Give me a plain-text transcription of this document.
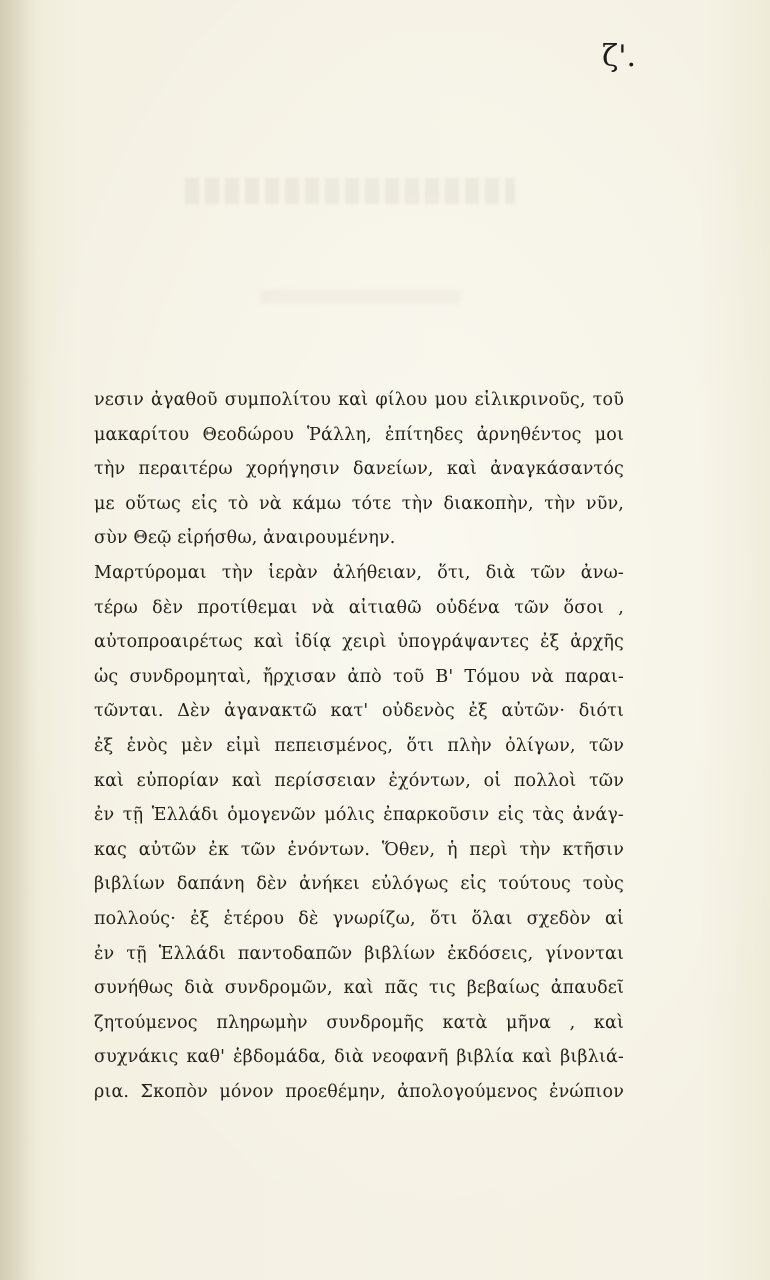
ζ'.
νεσιν ἀγαθοῦ συμπολίτου καὶ φίλου μου εἰλικρινοῦς, τοῦ
μακαρίτου Θεοδώρου Ῥάλλη, ἐπίτηδες ἀρνηθέντος μοι
τὴν περαιτέρω χορήγησιν δανείων, καὶ ἀναγκάσαντός
με οὕτως εἰς τὸ νὰ κάμω τότε τὴν διακοπὴν, τὴν νῦν,
σὺν Θεῷ εἰρήσθω, ἀναιρουμένην.
Μαρτύρομαι τὴν ἱερὰν ἀλήθειαν, ὅτι, διὰ τῶν ἀνω-
τέρω δὲν προτίθεμαι νὰ αἰτιαθῶ οὐδένα τῶν ὅσοι ,
αὐτοπροαιρέτως καὶ ἰδίᾳ χειρὶ ὑπογράψαντες ἐξ ἀρχῆς
ὡς συνδρομηταὶ, ἤρχισαν ἀπὸ τοῦ Β' Τόμου νὰ παραι-
τῶνται. Δὲν ἀγανακτῶ κατ' οὐδενὸς ἐξ αὐτῶν· διότι
ἐξ ἑνὸς μὲν εἰμὶ πεπεισμένος, ὅτι πλὴν ὀλίγων, τῶν
καὶ εὐπορίαν καὶ περίσσειαν ἐχόντων, οἱ πολλοὶ τῶν
ἐν τῇ Ἑλλάδι ὁμογενῶν μόλις ἐπαρκοῦσιν εἰς τὰς ἀνάγ-
κας αὐτῶν ἐκ τῶν ἐνόντων. Ὅθεν, ἡ περὶ τὴν κτῆσιν
βιβλίων δαπάνη δὲν ἀνήκει εὐλόγως εἰς τούτους τοὺς
πολλούς· ἐξ ἑτέρου δὲ γνωρίζω, ὅτι ὅλαι σχεδὸν αἱ
ἐν τῇ Ἑλλάδι παντοδαπῶν βιβλίων ἐκδόσεις, γίνονται
συνήθως διὰ συνδρομῶν, καὶ πᾶς τις βεβαίως ἀπαυδεῖ
ζητούμενος πληρωμὴν συνδρομῆς κατὰ μῆνα , καὶ
συχνάκις καθ' ἑβδομάδα, διὰ νεοφανῆ βιβλία καὶ βιβλιά-
ρια. Σκοπὸν μόνον προεθέμην, ἀπολογούμενος ἐνώπιον
